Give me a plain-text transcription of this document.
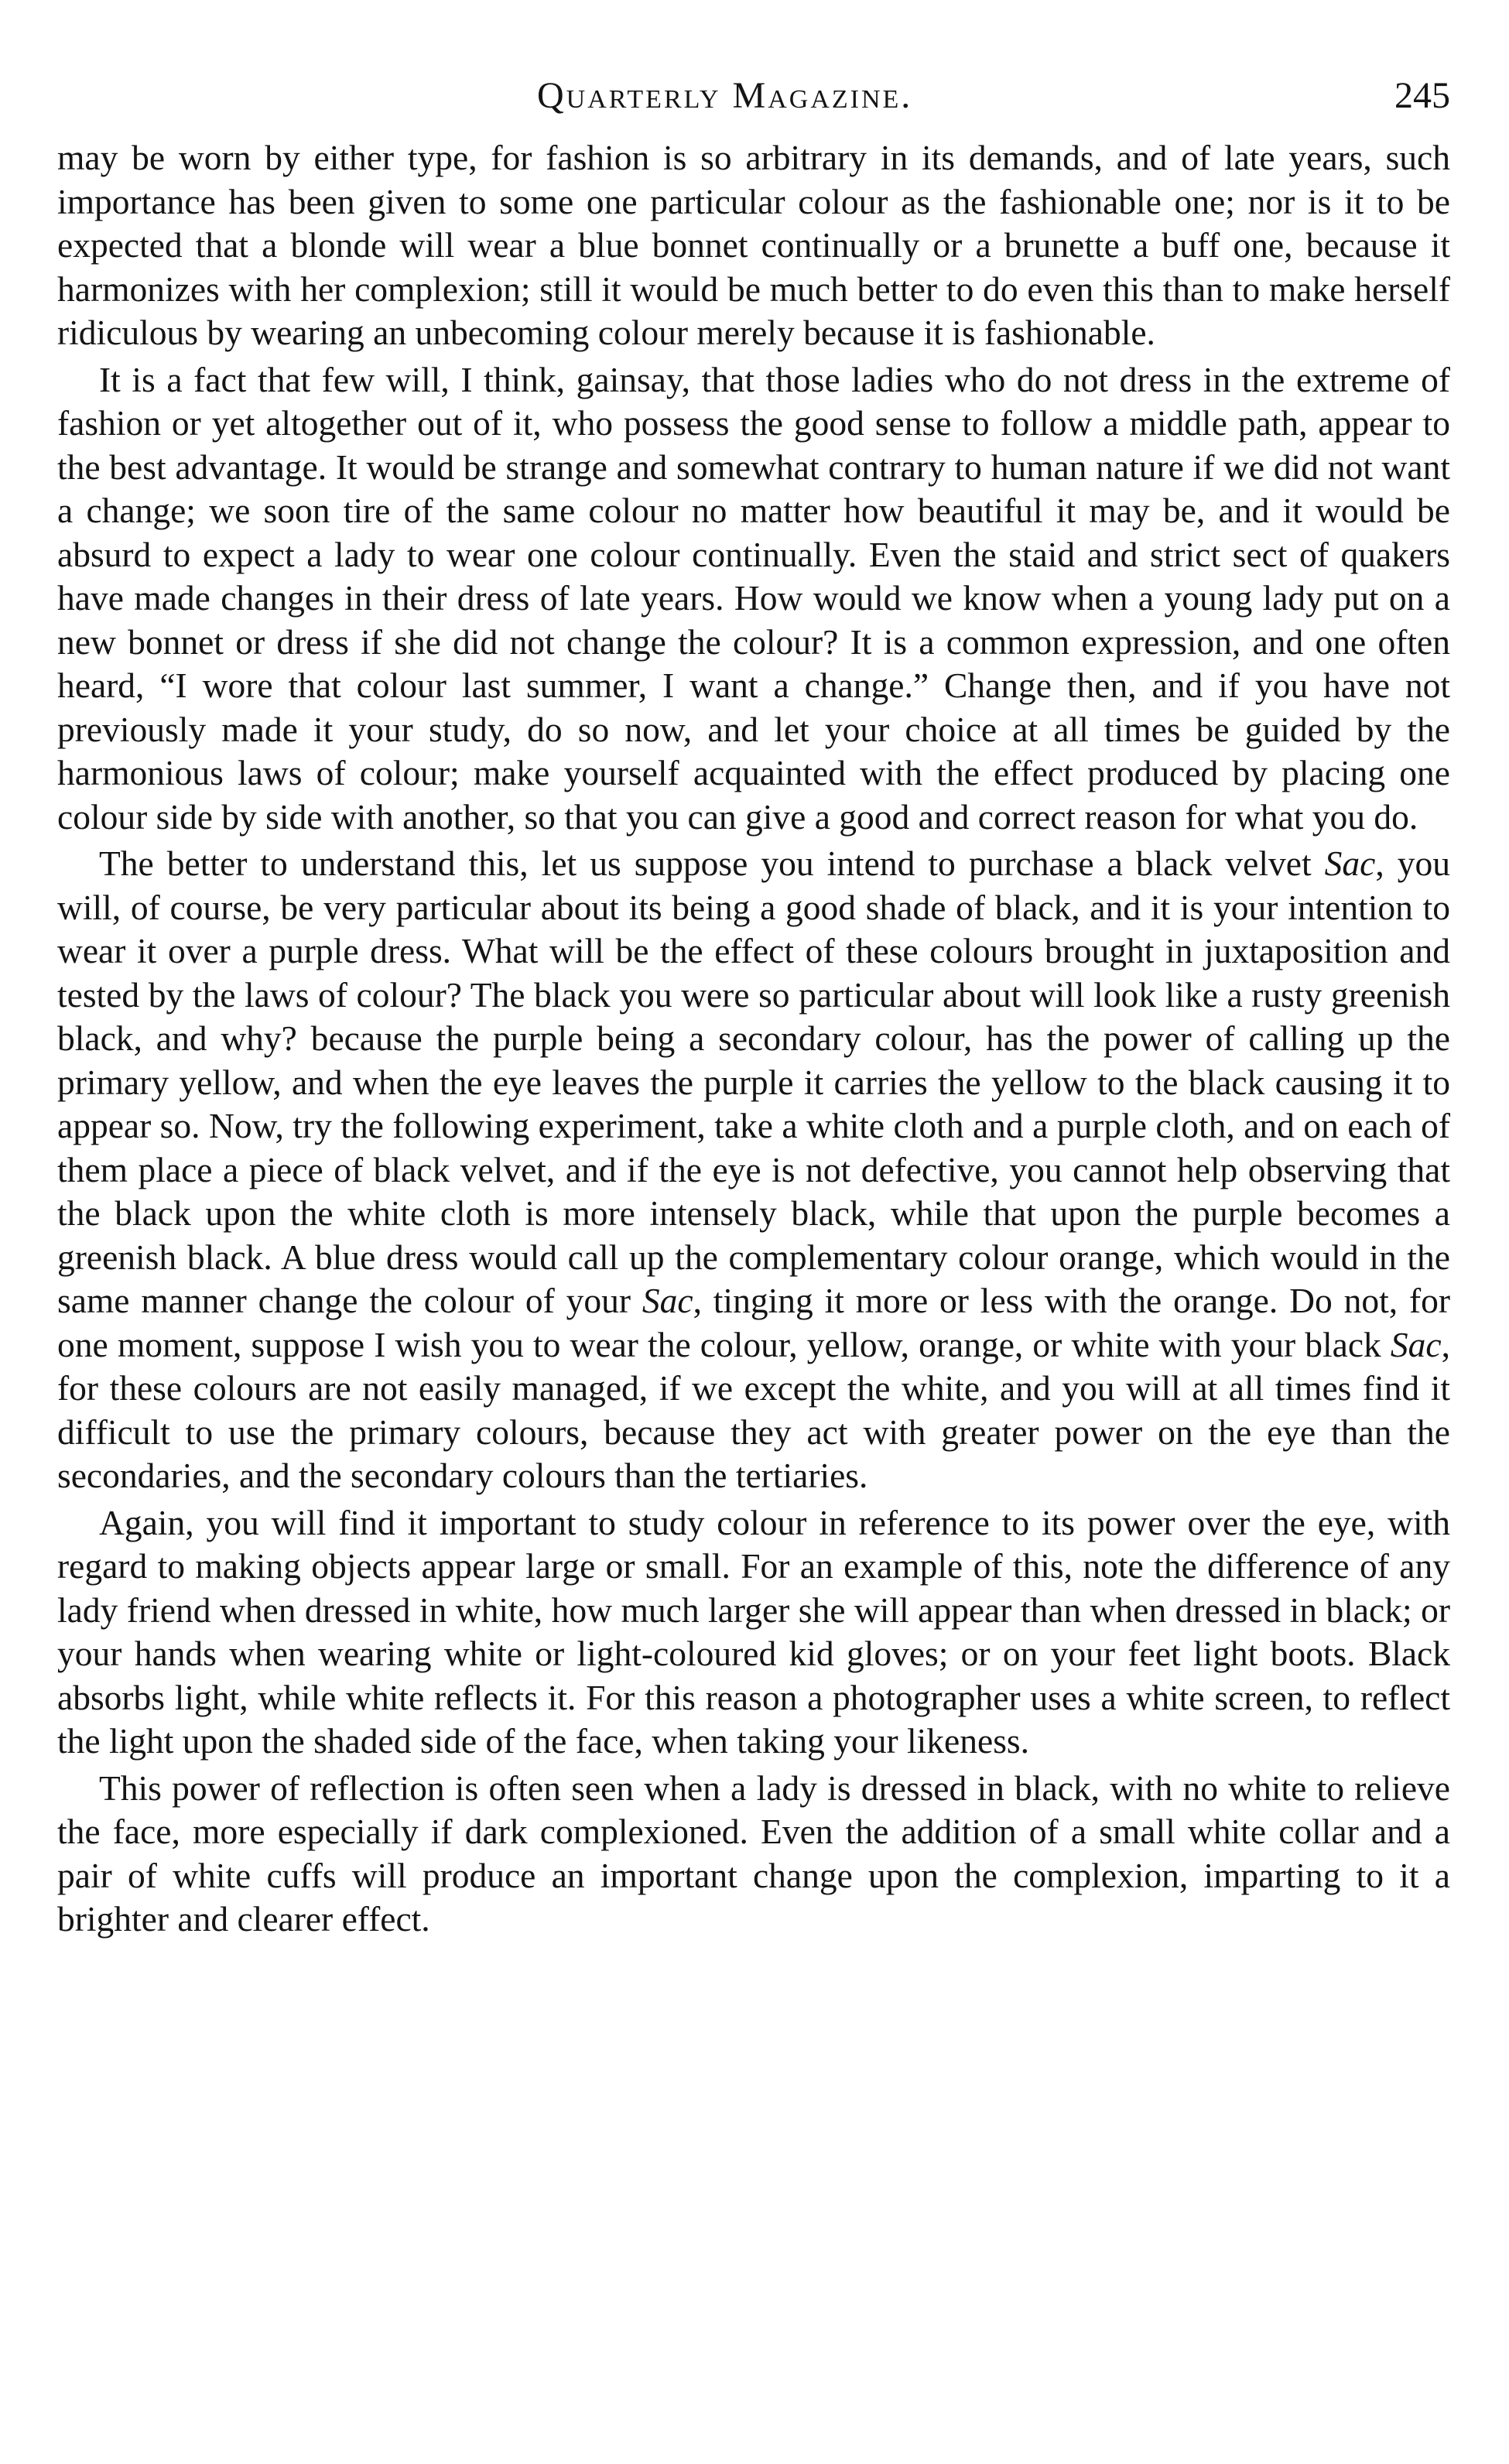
Quarterly Magazine.	245

may be worn by either type, for fashion is so arbitrary in its demands, and of late years, such importance has been given to some one particular colour as the fashionable one; nor is it to be expected that a blonde will wear a blue bonnet continually or a brunette a buff one, because it harmonizes with her complexion; still it would be much better to do even this than to make herself ridiculous by wearing an unbecoming colour merely because it is fashionable.

It is a fact that few will, I think, gainsay, that those ladies who do not dress in the extreme of fashion or yet altogether out of it, who possess the good sense to follow a middle path, appear to the best advantage. It would be strange and somewhat contrary to human nature if we did not want a change; we soon tire of the same colour no matter how beautiful it may be, and it would be absurd to expect a lady to wear one colour continually. Even the staid and strict sect of quakers have made changes in their dress of late years. How would we know when a young lady put on a new bonnet or dress if she did not change the colour? It is a common expression, and one often heard, “I wore that colour last summer, I want a change.” Change then, and if you have not previously made it your study, do so now, and let your choice at all times be guided by the harmonious laws of colour; make yourself acquainted with the effect produced by placing one colour side by side with another, so that you can give a good and correct reason for what you do.

The better to understand this, let us suppose you intend to purchase a black velvet Sac, you will, of course, be very particular about its being a good shade of black, and it is your intention to wear it over a purple dress. What will be the effect of these colours brought in juxtaposition and tested by the laws of colour? The black you were so particular about will look like a rusty greenish black, and why? because the purple being a secondary colour, has the power of calling up the primary yellow, and when the eye leaves the purple it carries the yellow to the black causing it to appear so. Now, try the following experiment, take a white cloth and a purple cloth, and on each of them place a piece of black velvet, and if the eye is not defective, you cannot help observing that the black upon the white cloth is more intensely black, while that upon the purple becomes a greenish black. A blue dress would call up the complementary colour orange, which would in the same manner change the colour of your Sac, tinging it more or less with the orange. Do not, for one moment, suppose I wish you to wear the colour, yellow, orange, or white with your black Sac, for these colours are not easily managed, if we except the white, and you will at all times find it difficult to use the primary colours, because they act with greater power on the eye than the secondaries, and the secondary colours than the tertiaries.

Again, you will find it important to study colour in reference to its power over the eye, with regard to making objects appear large or small. For an example of this, note the difference of any lady friend when dressed in white, how much larger she will appear than when dressed in black; or your hands when wearing white or light-coloured kid gloves; or on your feet light boots. Black absorbs light, while white reflects it. For this reason a photographer uses a white screen, to reflect the light upon the shaded side of the face, when taking your likeness.

This power of reflection is often seen when a lady is dressed in black, with no white to relieve the face, more especially if dark complexioned. Even the addition of a small white collar and a pair of white cuffs will produce an important change upon the complexion, imparting to it a brighter and clearer effect.
